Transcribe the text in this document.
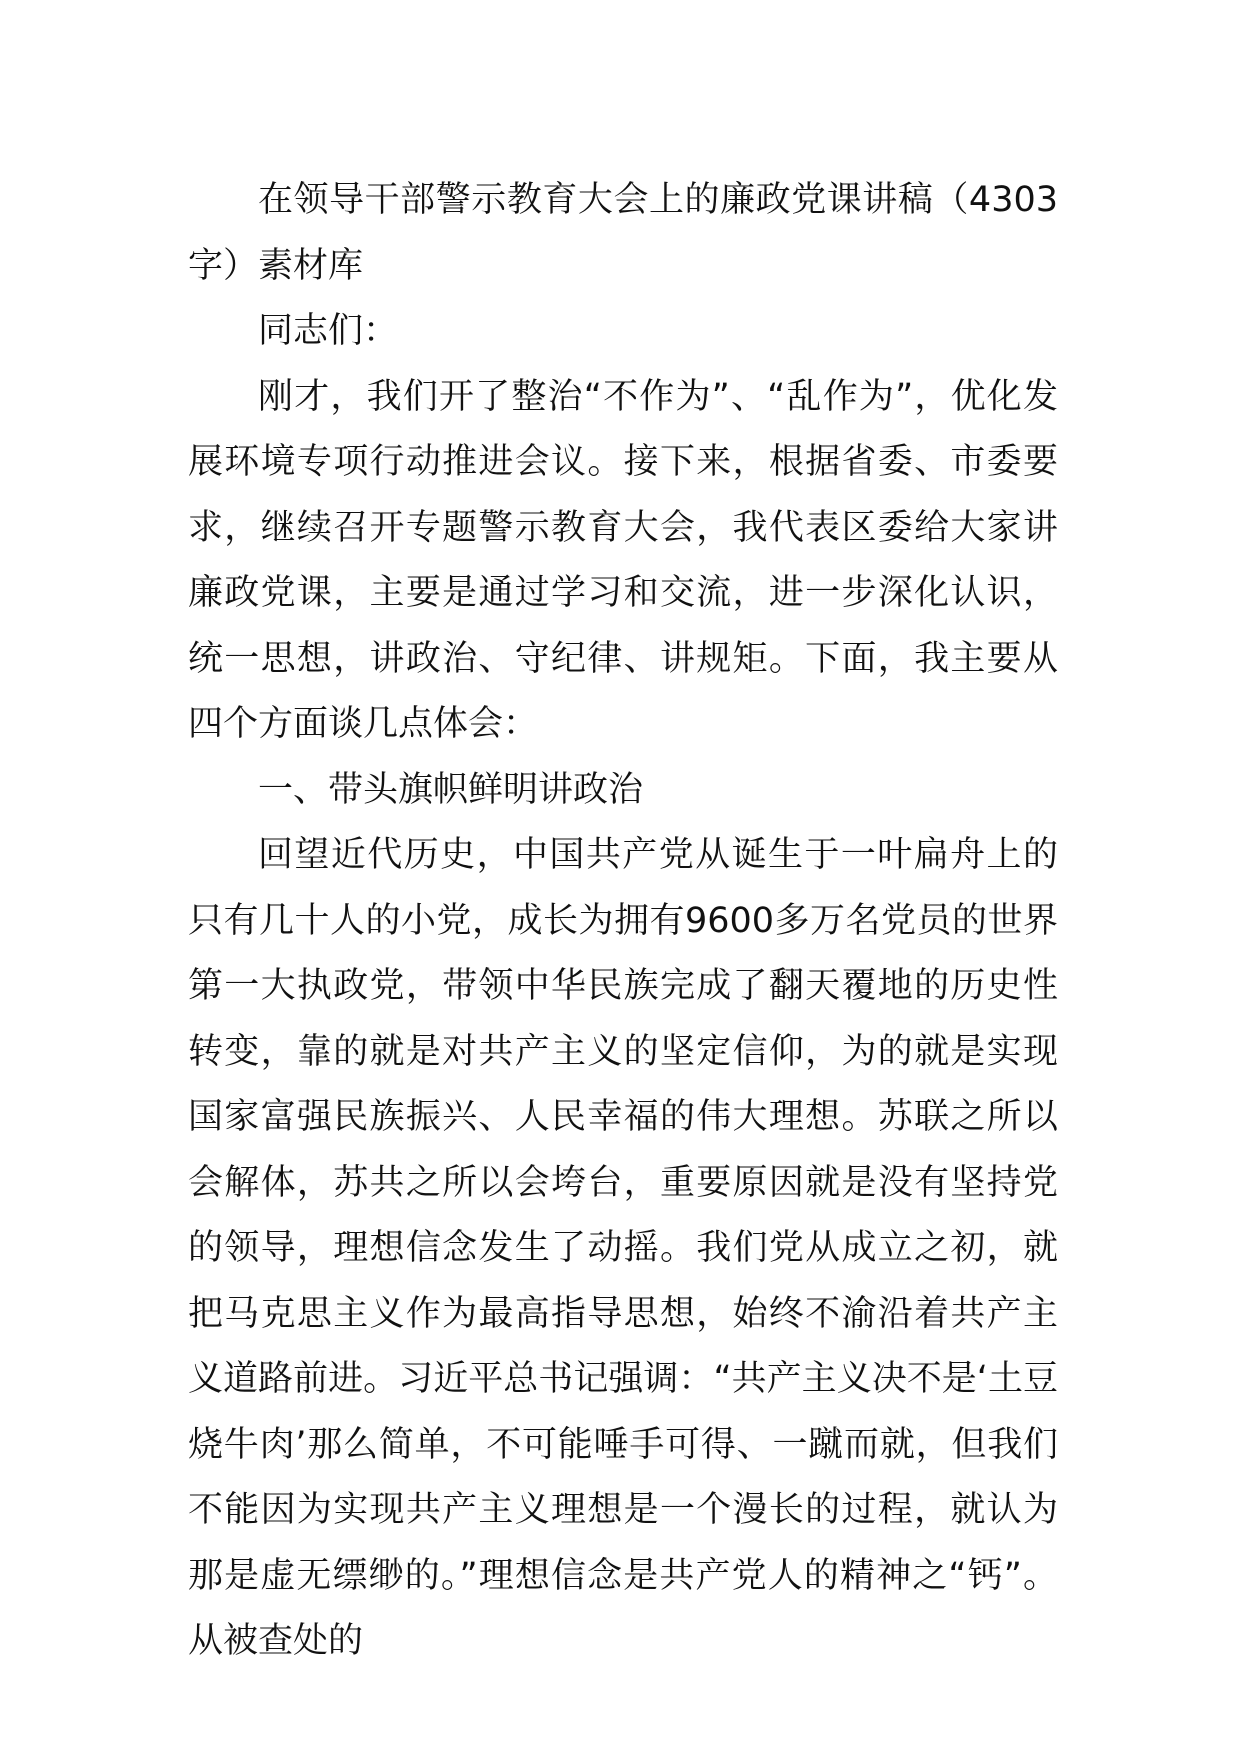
在领导干部警示教育大会上的廉政党课讲稿（4303字）素材库

同志们：

刚才，我们开了整治“不作为”、“乱作为”，优化发展环境专项行动推进会议。接下来，根据省委、市委要求，继续召开专题警示教育大会，我代表区委给大家讲廉政党课，主要是通过学习和交流，进一步深化认识，统一思想，讲政治、守纪律、讲规矩。下面，我主要从四个方面谈几点体会：

一、带头旗帜鲜明讲政治

回望近代历史，中国共产党从诞生于一叶扁舟上的只有几十人的小党，成长为拥有9600多万名党员的世界第一大执政党，带领中华民族完成了翻天覆地的历史性转变，靠的就是对共产主义的坚定信仰，为的就是实现国家富强民族振兴、人民幸福的伟大理想。苏联之所以会解体，苏共之所以会垮台，重要原因就是没有坚持党的领导，理想信念发生了动摇。我们党从成立之初，就把马克思主义作为最高指导思想，始终不渝沿着共产主义道路前进。习近平总书记强调：“共产主义决不是‘土豆烧牛肉’那么简单，不可能唾手可得、一蹴而就，但我们不能因为实现共产主义理想是一个漫长的过程，就认为那是虚无缥缈的。”理想信念是共产党人的精神之“钙”。从被查处的
